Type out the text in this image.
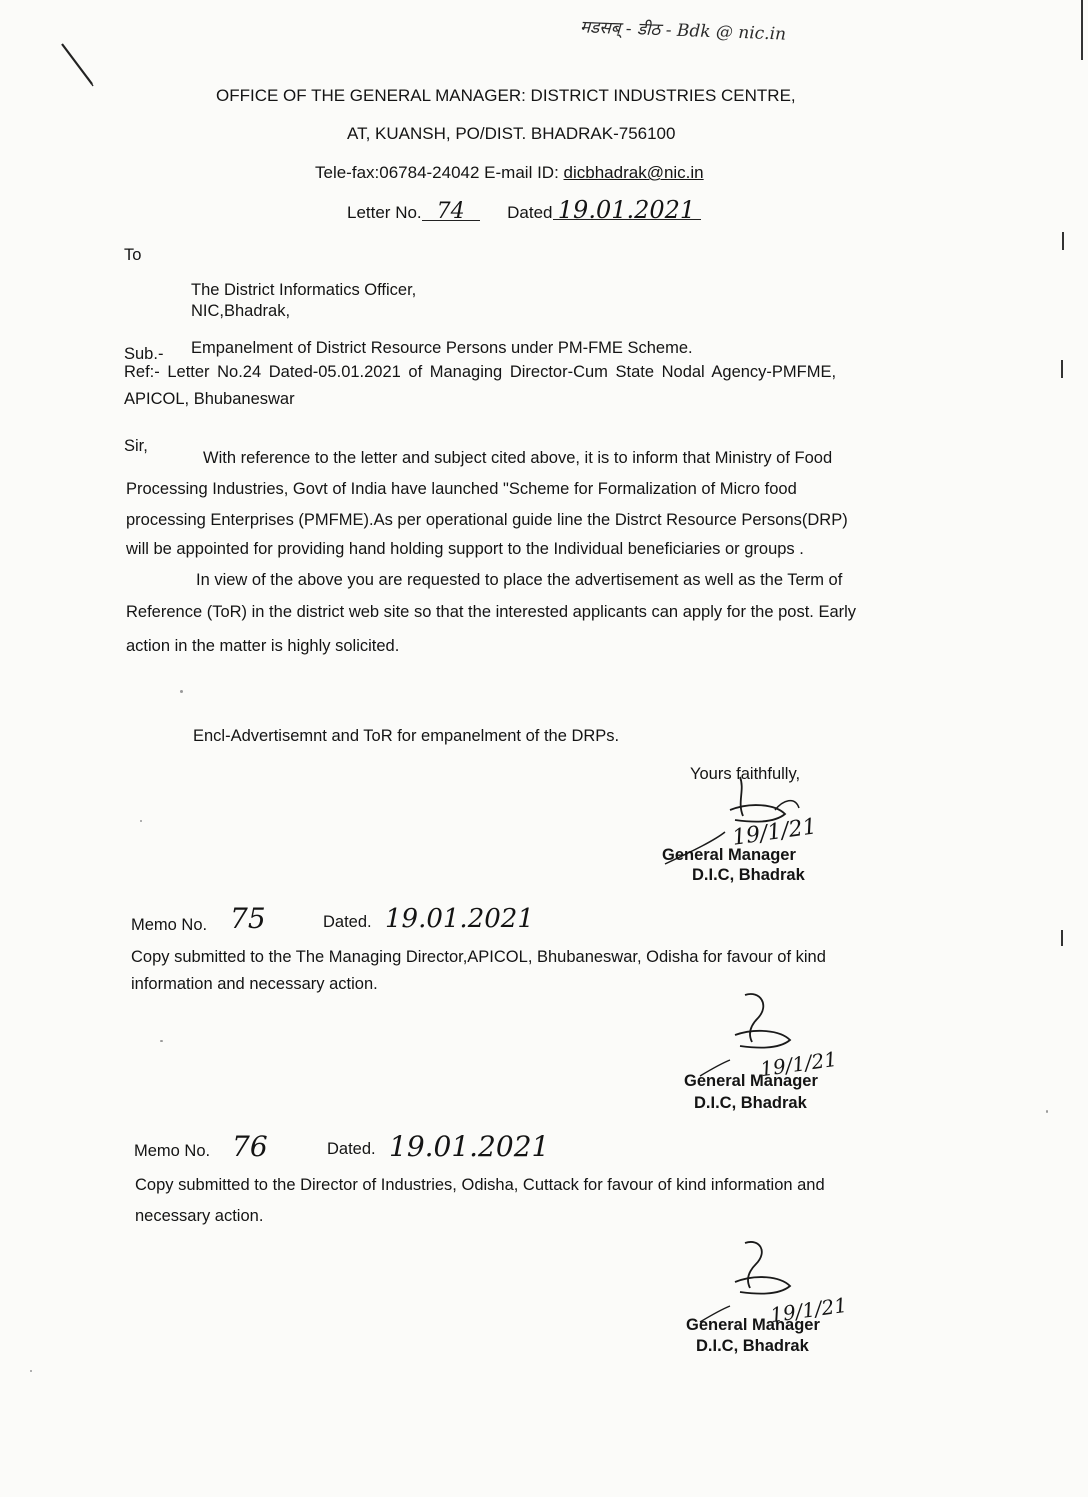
मडसब्‌ - डीठ - Bdk @ nic.in
OFFICE OF THE GENERAL MANAGER: DISTRICT INDUSTRIES CENTRE,
AT, KUANSH, PO/DIST. BHADRAK-756100
Tele-fax:06784-24042 E-mail ID: dicbhadrak@nic.in
Letter No. 74 Dated 19.01.2021
To
The District Informatics Officer,
NIC,Bhadrak,
Sub.- Empanelment of District Resource Persons under PM-FME Scheme.
Ref:- Letter No.24 Dated-05.01.2021 of Managing Director-Cum State Nodal Agency-PMFME,
APICOL, Bhubaneswar
Sir,
With reference to the letter and subject cited above, it is to inform that Ministry of Food
Processing Industries, Govt of India have launched "Scheme for Formalization of Micro food
processing Enterprises (PMFME).As per operational guide line the Distrct Resource Persons(DRP)
will be appointed for providing hand holding support to the Individual beneficiaries or groups .
In view of the above you are requested to place the advertisement as well as the Term of
Reference (ToR) in the district web site so that the interested applicants can apply for the post. Early
action in the matter is highly solicited.
Encl-Advertisemnt and ToR for empanelment of the DRPs.
Yours faithfully,
19/1/21
General Manager
D.I.C, Bhadrak
Memo No. 75	Dated. 19.01.2021
Copy submitted to the The Managing Director,APICOL, Bhubaneswar, Odisha for favour of kind
information and necessary action.
19/1/21
General Manager
D.I.C, Bhadrak
Memo No. 76	Dated. 19.01.2021
Copy submitted to the Director of Industries, Odisha, Cuttack for favour of kind information and
necessary action.
19/1/21
General Manager
D.I.C, Bhadrak
